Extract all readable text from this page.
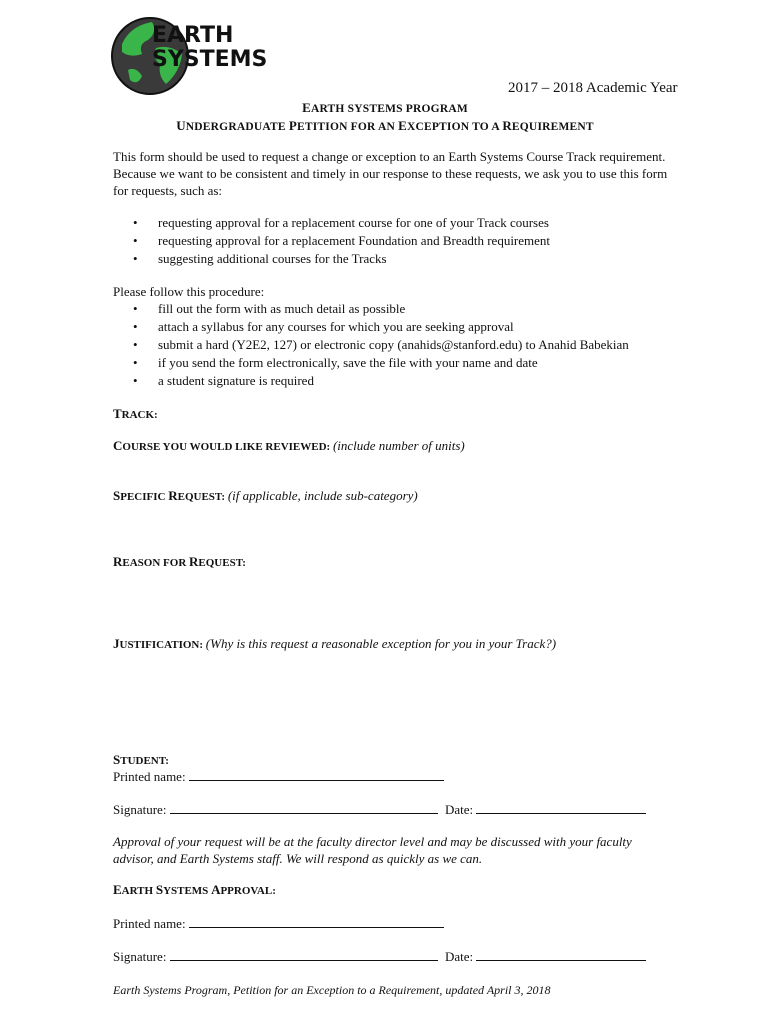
EARTH
SYSTEMS
2017 – 2018 Academic Year
EARTH SYSTEMS PROGRAM
UNDERGRADUATE PETITION FOR AN EXCEPTION TO A REQUIREMENT
This form should be used to request a change or exception to an Earth Systems Course Track requirement. Because we want to be consistent and timely in our response to these requests, we ask you to use this form for requests, such as:
• requesting approval for a replacement course for one of your Track courses
• requesting approval for a replacement Foundation and Breadth requirement
• suggesting additional courses for the Tracks
Please follow this procedure:
• fill out the form with as much detail as possible
• attach a syllabus for any courses for which you are seeking approval
• submit a hard (Y2E2, 127) or electronic copy (anahids@stanford.edu) to Anahid Babekian
• if you send the form electronically, save the file with your name and date
• a student signature is required
TRACK:
COURSE YOU WOULD LIKE REVIEWED: (include number of units)
SPECIFIC REQUEST: (if applicable, include sub-category)
REASON FOR REQUEST:
JUSTIFICATION: (Why is this request a reasonable exception for you in your Track?)
STUDENT:
Printed name:
Signature:	Date:
Approval of your request will be at the faculty director level and may be discussed with your faculty advisor, and Earth Systems staff. We will respond as quickly as we can.
EARTH SYSTEMS APPROVAL:
Printed name:
Signature:	Date:
Earth Systems Program, Petition for an Exception to a Requirement, updated April 3, 2018
